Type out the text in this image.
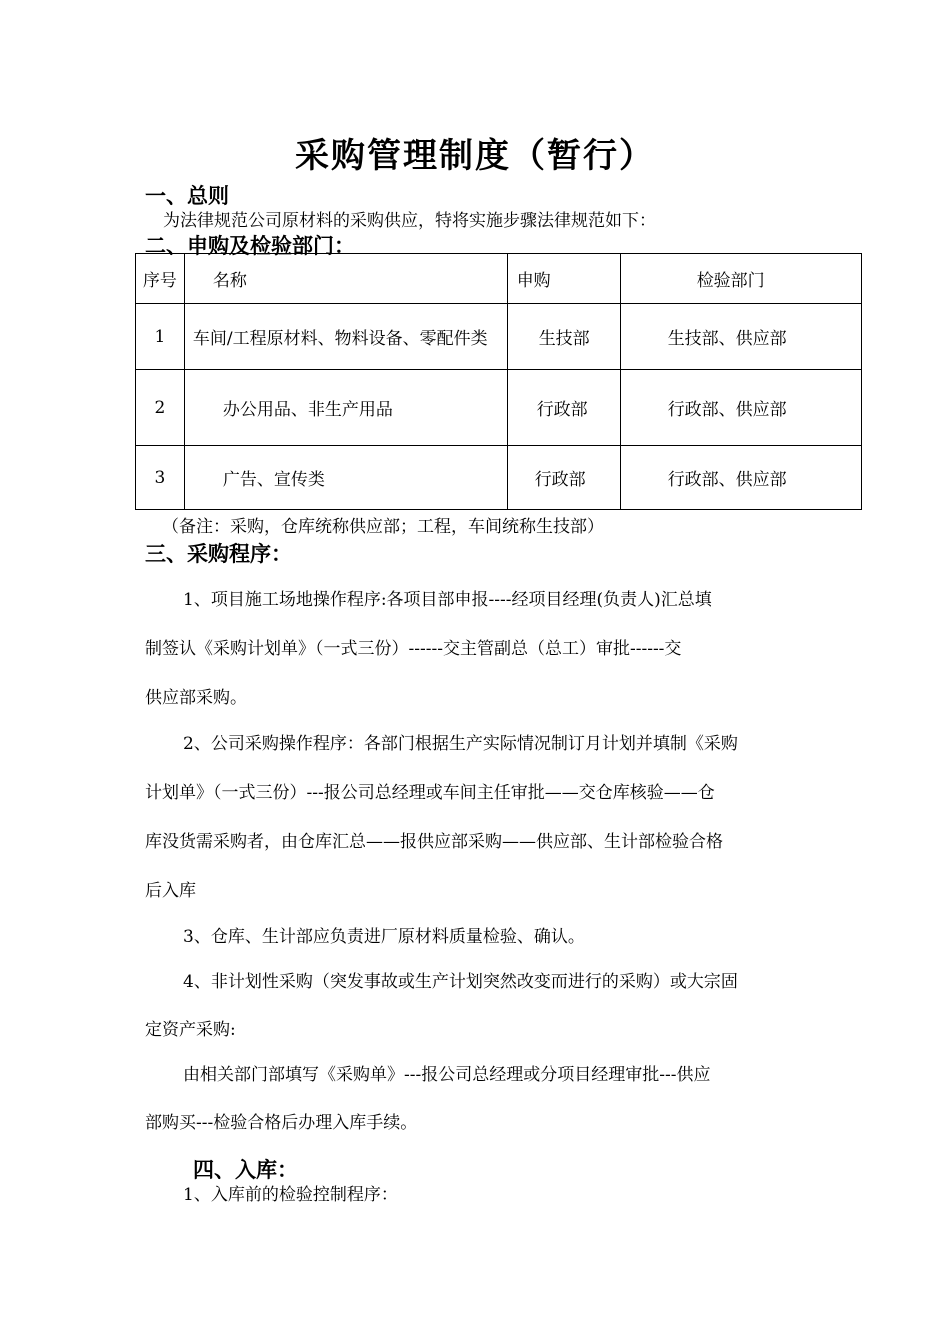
采购管理制度（暂行）
一、总则
为法律规范公司原材料的采购供应，特将实施步骤法律规范如下：
二、申购及检验部门：
序号	名称	申购	检验部门
1	车间/工程原材料、物料设备、零配件类	生技部	生技部、供应部
2	办公用品、非生产用品	行政部	行政部、供应部
3	广告、宣传类	行政部	行政部、供应部
（备注：采购，仓库统称供应部；工程，车间统称生技部）
三、采购程序：
1、项目施工场地操作程序:各项目部申报----经项目经理(负责人)汇总填
制签认《采购计划单》（一式三份）------交主管副总（总工）审批------交
供应部采购。
2、公司采购操作程序：各部门根据生产实际情况制订月计划并填制《采购
计划单》（一式三份）---报公司总经理或车间主任审批——交仓库核验——仓
库没货需采购者，由仓库汇总——报供应部采购——供应部、生计部检验合格
后入库
3、仓库、生计部应负责进厂原材料质量检验、确认。
4、非计划性采购（突发事故或生产计划突然改变而进行的采购）或大宗固
定资产采购:
由相关部门部填写《采购单》---报公司总经理或分项目经理审批---供应
部购买---检验合格后办理入库手续。
四、入库：
1、入库前的检验控制程序：
